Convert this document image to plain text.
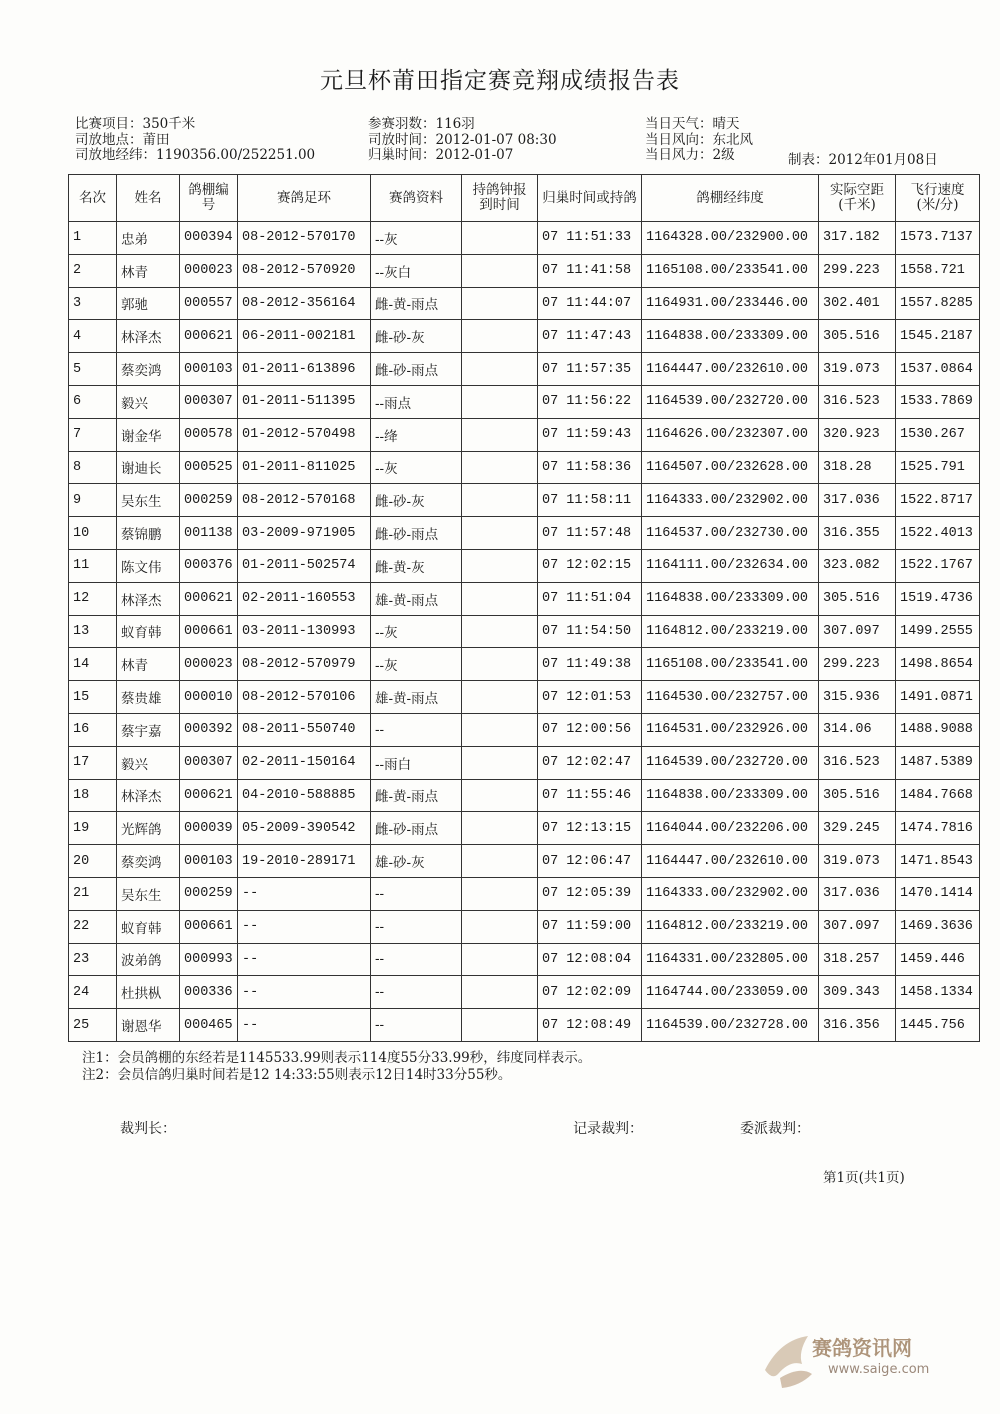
元旦杯莆田指定赛竞翔成绩报告表
比赛项目：350千米
司放地点：莆田
司放地经纬：1190356.00/252251.00
参赛羽数：116羽
司放时间：2012-01-07 08:30
归巢时间：2012-01-07
当日天气：晴天
当日风向：东北风
当日风力：2级	制表：2012年01月08日
名次	姓名	鸽棚编号	赛鸽足环	赛鸽资料	持鸽钟报到时间	归巢时间或持鸽	鸽棚经纬度	实际空距(千米)	飞行速度(米/分)
1	忠弟	000394	08-2012-570170	--灰		07 11:51:33	1164328.00/232900.00	317.182	1573.7137
2	林青	000023	08-2012-570920	--灰白		07 11:41:58	1165108.00/233541.00	299.223	1558.721
3	郭驰	000557	08-2012-356164	雌-黄-雨点		07 11:44:07	1164931.00/233446.00	302.401	1557.8285
4	林泽杰	000621	06-2011-002181	雌-砂-灰		07 11:47:43	1164838.00/233309.00	305.516	1545.2187
5	蔡奕鸿	000103	01-2011-613896	雌-砂-雨点		07 11:57:35	1164447.00/232610.00	319.073	1537.0864
6	毅兴	000307	01-2011-511395	--雨点		07 11:56:22	1164539.00/232720.00	316.523	1533.7869
7	谢金华	000578	01-2012-570498	--绛		07 11:59:43	1164626.00/232307.00	320.923	1530.267
8	谢迪长	000525	01-2011-811025	--灰		07 11:58:36	1164507.00/232628.00	318.28	1525.791
9	吴东生	000259	08-2012-570168	雌-砂-灰		07 11:58:11	1164333.00/232902.00	317.036	1522.8717
10	蔡锦鹏	001138	03-2009-971905	雌-砂-雨点		07 11:57:48	1164537.00/232730.00	316.355	1522.4013
11	陈文伟	000376	01-2011-502574	雌-黄-灰		07 12:02:15	1164111.00/232634.00	323.082	1522.1767
12	林泽杰	000621	02-2011-160553	雄-黄-雨点		07 11:51:04	1164838.00/233309.00	305.516	1519.4736
13	蚁育韩	000661	03-2011-130993	--灰		07 11:54:50	1164812.00/233219.00	307.097	1499.2555
14	林青	000023	08-2012-570979	--灰		07 11:49:38	1165108.00/233541.00	299.223	1498.8654
15	蔡贵雄	000010	08-2012-570106	雄-黄-雨点		07 12:01:53	1164530.00/232757.00	315.936	1491.0871
16	蔡宇嘉	000392	08-2011-550740	--		07 12:00:56	1164531.00/232926.00	314.06	1488.9088
17	毅兴	000307	02-2011-150164	--雨白		07 12:02:47	1164539.00/232720.00	316.523	1487.5389
18	林泽杰	000621	04-2010-588885	雌-黄-雨点		07 11:55:46	1164838.00/233309.00	305.516	1484.7668
19	光辉鸽	000039	05-2009-390542	雌-砂-雨点		07 12:13:15	1164044.00/232206.00	329.245	1474.7816
20	蔡奕鸿	000103	19-2010-289171	雄-砂-灰		07 12:06:47	1164447.00/232610.00	319.073	1471.8543
21	吴东生	000259	--	--		07 12:05:39	1164333.00/232902.00	317.036	1470.1414
22	蚁育韩	000661	--	--		07 11:59:00	1164812.00/233219.00	307.097	1469.3636
23	波弟鸽	000993	--	--		07 12:08:04	1164331.00/232805.00	318.257	1459.446
24	杜拱枞	000336	--	--		07 12:02:09	1164744.00/233059.00	309.343	1458.1334
25	谢恩华	000465	--	--		07 12:08:49	1164539.00/232728.00	316.356	1445.756
注1：会员鸽棚的东经若是1145533.99则表示114度55分33.99秒，纬度同样表示。
注2：会员信鸽归巢时间若是12 14:33:55则表示12日14时33分55秒。
裁判长：	记录裁判：	委派裁判：
第1页(共1页)
赛鸽资讯网
www.saige.com
